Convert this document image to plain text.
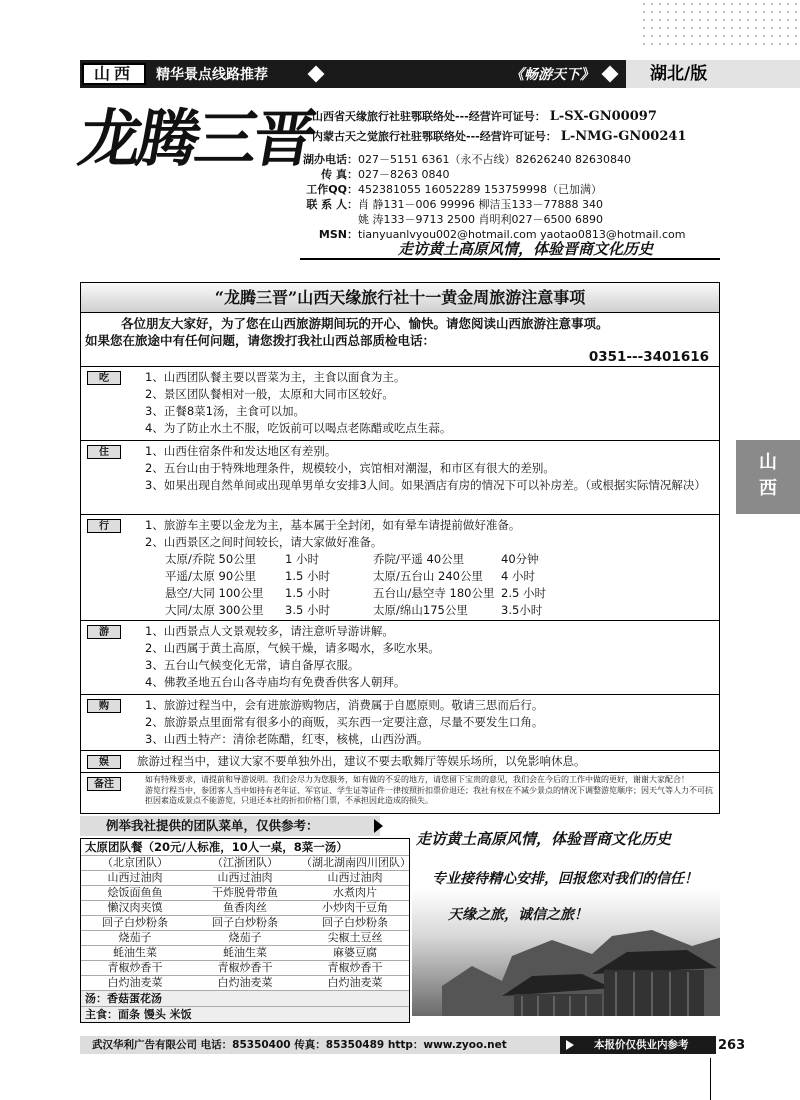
山西	精华景点线路推荐	《畅游天下》	湖北/版
龙腾三晋
山西省天缘旅行社驻鄂联络处---经营许可证号： L-SX-GN00097
内蒙古天之觉旅行社驻鄂联络处---经营许可证号： L-NMG-GN00241
湖办电话：027－5151 6361（永不占线）82626240 82630840
传 真：027－8263 0840
工作QQ：452381055 16052289 153759998（已加满）
联 系 人：肖 静131－006 99996 柳洁玉133－77888 340
姚 涛133－9713 2500 肖明利027－6500 6890
MSN：tianyuanlvyou002@hotmail.com yaotao0813@hotmail.com
走访黄土高原风情，体验晋商文化历史
“龙腾三晋”山西天缘旅行社十一黄金周旅游注意事项
各位朋友大家好，为了您在山西旅游期间玩的开心、愉快。请您阅读山西旅游注意事项。
如果您在旅途中有任何问题，请您拨打我社山西总部质检电话：
0351---3401616
吃	1、山西团队餐主要以晋菜为主，主食以面食为主。
2、景区团队餐相对一般，太原和大同市区较好。
3、正餐8菜1汤，主食可以加。
4、为了防止水土不服，吃饭前可以喝点老陈醋或吃点生蒜。
住	1、山西住宿条件和发达地区有差别。
2、五台山由于特殊地理条件，规模较小，宾馆相对潮湿，和市区有很大的差别。
3、如果出现自然单间或出现单男单女安排3人间。如果酒店有房的情况下可以补房差。（或根据实际情况解决）
行	1、旅游车主要以金龙为主，基本属于全封闭，如有晕车请提前做好准备。
2、山西景区之间时间较长，请大家做好准备。
太原/乔院 50公里	1 小时	乔院/平遥 40公里	40分钟
平遥/太原 90公里	1.5 小时	太原/五台山 240公里	4 小时
悬空/大同 100公里	1.5 小时	五台山/悬空寺 180公里 2.5 小时
大同/太原 300公里	3.5 小时	太原/绵山175公里	3.5小时
游	1、山西景点人文景观较多，请注意听导游讲解。
2、山西属于黄土高原，气候干燥，请多喝水，多吃水果。
3、五台山气候变化无常，请自备厚衣服。
4、佛教圣地五台山各寺庙均有免费香供客人朝拜。
购	1、旅游过程当中，会有进旅游购物店，消费属于自愿原则。敬请三思而后行。
2、旅游景点里面常有很多小的商贩，买东西一定要注意，尽量不要发生口角。
3、山西土特产：清徐老陈醋，红枣，核桃，山西汾酒。
娱	旅游过程当中，建议大家不要单独外出，建议不要去歌舞厅等娱乐场所，以免影响休息。
备注	如有特殊要求，请提前和导游说明。我们会尽力为您服务，如有做的不妥的地方，请您留下宝贵的意见，我们会在今后的工作中做的更好，谢谢大家配合！
游览行程当中，参团客人当中如持有老年证、军官证、学生证等证件一律按照折扣票价退还；我社有权在不减少景点的情况下调整游览顺序；因天气等人力不可抗拒因素造成景点不能游览，只退还本社的折扣价格门票，不承担因此造成的损失。
山
西
例举我社提供的团队菜单，仅供参考：
太原团队餐（20元/人标准，10人一桌，8菜一汤）
（北京团队）	（江浙团队）	（湖北湖南四川团队）
山西过油肉	山西过油肉	山西过油肉
烩饭面鱼鱼	干炸脱骨带鱼	水煮肉片
懒汉肉夹馍	鱼香肉丝	小炒肉干豆角
回子白炒粉条	回子白炒粉条	回子白炒粉条
烧茄子	烧茄子	尖椒土豆丝
蚝油生菜	蚝油生菜	麻婆豆腐
青椒炒香干	青椒炒香干	青椒炒香干
白灼油麦菜	白灼油麦菜	白灼油麦菜
汤：香菇蛋花汤
主食：面条 馒头 米饭
走访黄土高原风情，体验晋商文化历史
专业接待精心安排，回报您对我们的信任！
天缘之旅，诚信之旅！
武汉华利广告有限公司 电话：85350400 传真：85350489 http：www.zyoo.net	本报价仅供业内参考	263
